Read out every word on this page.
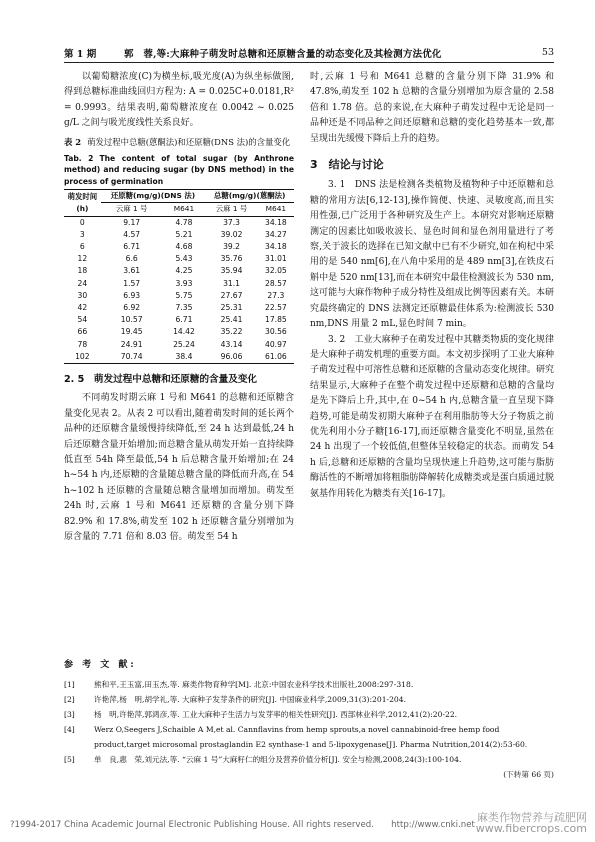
第 1 期	郭　蓉,等:大麻种子萌发时总糖和还原糖含量的动态变化及其检测方法优化	53

以葡萄糖浓度(C)为横坐标,吸光度(A)为纵坐标做图,得到总糖标准曲线回归方程为: A = 0.025C+0.0181,R² = 0.9993。结果表明,葡萄糖浓度在 0.0042 ~ 0.025 g/L 之间与吸光度线性关系良好。

表 2 萌发过程中总糖(蒽酮法)和还原糖(DNS 法)的含量变化
Tab. 2 The content of total sugar (by Anthrone method) and reducing sugar (by DNS method) in the process of germination
萌发时间
(h)	还原糖(mg/g)(DNS 法)		总糖(mg/g)(蒽酮法)	
	云麻 1 号	M641	云麻 1 号	M641
0	9.17	4.78	37.3	34.18
3	4.57	5.21	39.02	34.27
6	6.71	4.68	39.2	34.18
12	6.6	5.43	35.76	31.01
18	3.61	4.25	35.94	32.05
24	1.57	3.93	31.1	28.57
30	6.93	5.75	27.67	27.3
42	6.92	7.35	25.31	22.57
54	10.57	6.71	25.41	17.85
66	19.45	14.42	35.22	30.56
78	24.91	25.24	43.14	40.97
102	70.74	38.4	96.06	61.06
2. 5　萌发过程中总糖和还原糖的含量及变化

不同萌发时期云麻 1 号和 M641 的总糖和还原糖含量变化见表 2。从表 2 可以看出,随着萌发时间的延长两个品种的还原糖含量缓慢持续降低,至 24 h 达到最低,24 h 后还原糖含量开始增加;而总糖含量从萌发开始一直持续降低直至 54h 降至最低,54 h 后总糖含量开始增加;在 24 h~54 h 内,还原糖的含量随总糖含量的降低而升高,在 54 h~102 h 还原糖的含量随总糖含量增加而增加。萌发至 24h 时,云麻 1 号和 M641 还原糖的含量分别下降 82.9% 和 17.8%,萌发至 102 h 还原糖含量分别增加为原含量的 7.71 倍和 8.03 倍。萌发至 54 h

时,云麻 1 号和 M641 总糖的含量分别下降 31.9% 和 47.8%,萌发至 102 h 总糖的含量分别增加为原含量的 2.58 倍和 1.78 倍。总的来说,在大麻种子萌发过程中无论是同一品种还是不同品种之间还原糖和总糖的变化趋势基本一致,都呈现出先缓慢下降后上升的趋势。

3　结论与讨论

3. 1　DNS 法是检测各类植物及植物种子中还原糖和总糖的常用方法[6,12-13],操作简便、快速、灵敏度高,而且实用性强,已广泛用于各种研究及生产上。本研究对影响还原糖测定的因素比如吸收波长、显色时间和显色剂用量进行了考察,关于波长的选择在已知文献中已有不少研究,如在枸杞中采用的是 540 nm[6],在八角中采用的是 489 nm[3],在铁皮石斛中是 520 nm[13],而在本研究中最佳检测波长为 530 nm,这可能与大麻作物种子成分特性及组成比例等因素有关。本研究最终确定的 DNS 法测定还原糖最佳体系为:检测波长 530 nm,DNS 用量 2 mL,显色时间 7 min。

3. 2　工业大麻种子在萌发过程中其糖类物质的变化规律是大麻种子萌发机理的重要方面。本文初步探明了工业大麻种子萌发过程中可溶性总糖和还原糖的含量动态变化规律。研究结果显示,大麻种子在整个萌发过程中还原糖和总糖的含量均是先下降后上升,其中,在 0~54 h 内,总糖含量一直呈现下降趋势,可能是萌发初期大麻种子在利用脂肪等大分子物质之前优先利用小分子糖[16-17],而还原糖含量变化不明显,虽然在 24 h 出现了一个较低值,但整体呈较稳定的状态。而萌发 54 h 后,总糖和还原糖的含量均呈现快速上升趋势,这可能与脂肪酶活性的不断增加将粗脂肪降解转化成糖类或是蛋白质通过脱氨基作用转化为糖类有关[16-17]。

参 考 文 献:
[1]	熊和平,王玉富,田玉杰,等. 麻类作物育种学[M]. 北京:中国农业科学技术出版社,2008:297-318.
[2]	许艳萍,杨　明,胡学礼,等. 大麻种子发芽条件的研究[J]. 中国麻业科学,2009,31(3):201-204.
[3]	杨　明,许艳萍,郭鸿彦,等. 工业大麻种子生活力与发芽率的相关性研究[J]. 西部林业科学,2012,41(2):20-22.
[4]	Werz O,Seegers J,Schaible A M,et al. Cannflavins from hemp sprouts,a novel cannabinoid-free hemp food product,target microsomal prostaglandin E2 synthase-1 and 5-lipoxygenase[J]. Pharma Nutrition,2014(2):53-60.
[5]	单　良,惠　荣,刘元法,等. “云麻 1 号”大麻籽仁的组分及营养价值分析[J]. 安全与检测,2008,24(3):100-104.
(下转第 66 页)
?1994-2017 China Academic Journal Electronic Publishing House. All rights reserved.　　http://www.cnki.net
麻类作物营养与疏肥网
www.fibercrops.com
